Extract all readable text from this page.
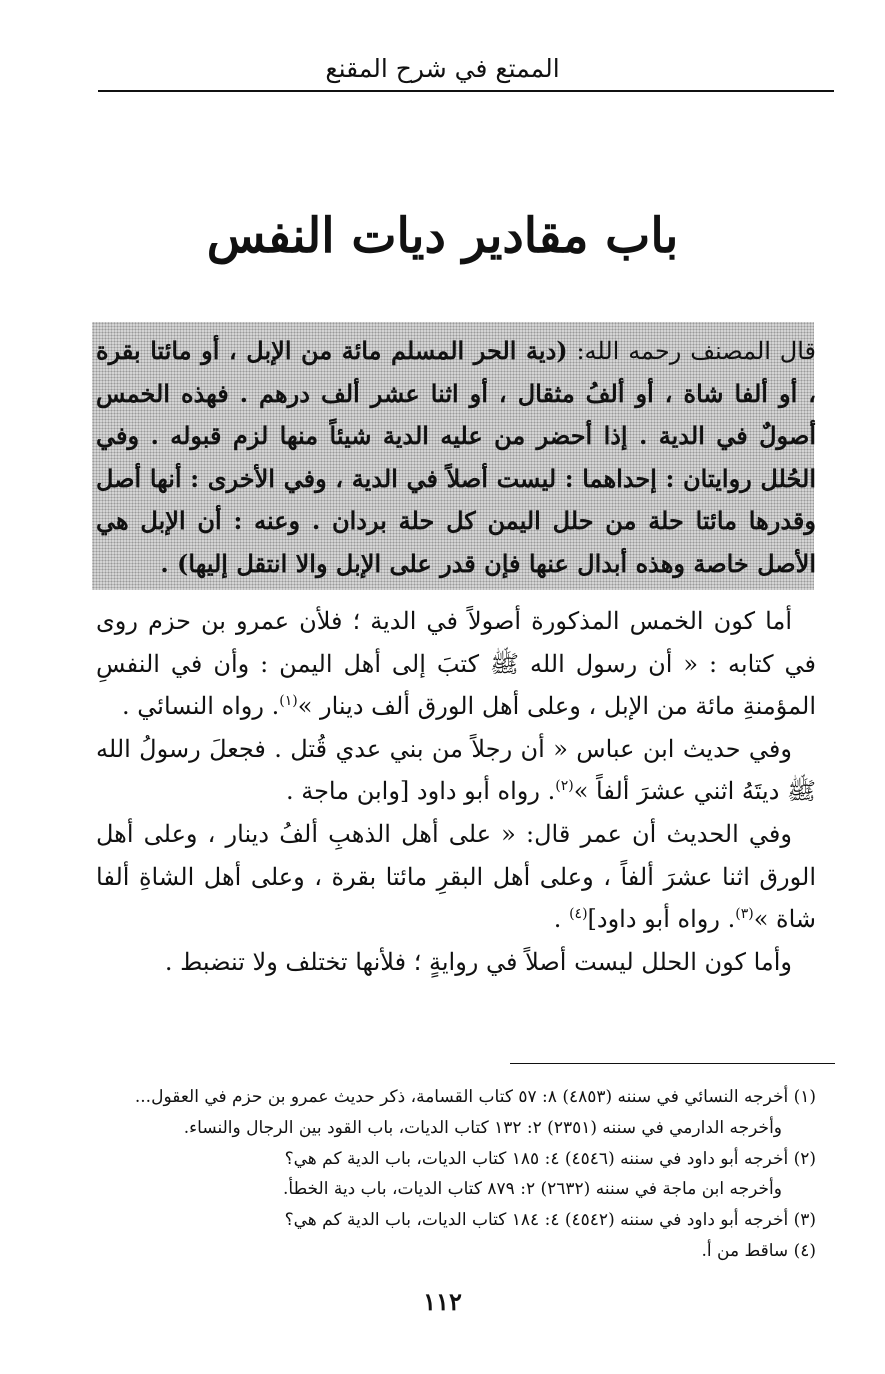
الممتع في شرح المقنع
باب مقادير ديات النفس
قال المصنف رحمه الله: (دية الحر المسلم مائة من الإبل ، أو مائتا بقرة ، أو ألفا شاة ، أو ألفُ مثقال ، أو اثنا عشر ألف درهم . فهذه الخمس أصولٌ في الدية . إذا أحضر من عليه الدية شيئاً منها لزم قبوله . وفي الحُلل روايتان : إحداهما : ليست أصلاً في الدية ، وفي الأخرى : أنها أصل وقدرها مائتا حلة من حلل اليمن كل حلة بردان . وعنه : أن الإبل هي الأصل خاصة وهذه أبدال عنها فإن قدر على الإبل والا انتقل إليها) .

أما كون الخمس المذكورة أصولاً في الدية ؛ فلأن عمرو بن حزم روى في كتابه : « أن رسول الله ﷺ كتبَ إلى أهل اليمن : وأن في النفسِ المؤمنةِ مائة من الإبل ، وعلى أهل الورق ألف دينار »$^{(١)}$. رواه النسائي .

وفي حديث ابن عباس « أن رجلاً من بني عدي قُتل . فجعلَ رسولُ الله ﷺ ديتَهُ اثني عشرَ ألفاً »$^{(٢)}$. رواه أبو داود [وابن ماجة .

وفي الحديث أن عمر قال: « على أهل الذهبِ ألفُ دينار ، وعلى أهل الورق اثنا عشرَ ألفاً ، وعلى أهل البقرِ مائتا بقرة ، وعلى أهل الشاةِ ألفا شاة »$^{(٣)}$. رواه أبو داود]$^{(٤)}$ .

وأما كون الحلل ليست أصلاً في روايةٍ ؛ فلأنها تختلف ولا تنضبط .

(١) أخرجه النسائي في سننه (٤٨٥٣) ٨: ٥٧ كتاب القسامة، ذكر حديث عمرو بن حزم في العقول...
وأخرجه الدارمي في سننه (٢٣٥١) ٢: ١٣٢ كتاب الديات، باب القود بين الرجال والنساء.
(٢) أخرجه أبو داود في سننه (٤٥٤٦) ٤: ١٨٥ كتاب الديات، باب الدية كم هي؟
وأخرجه ابن ماجة في سننه (٢٦٣٢) ٢: ٨٧٩ كتاب الديات، باب دية الخطأ.
(٣) أخرجه أبو داود في سننه (٤٥٤٢) ٤: ١٨٤ كتاب الديات، باب الدية كم هي؟
(٤) ساقط من أ.
١١٢
